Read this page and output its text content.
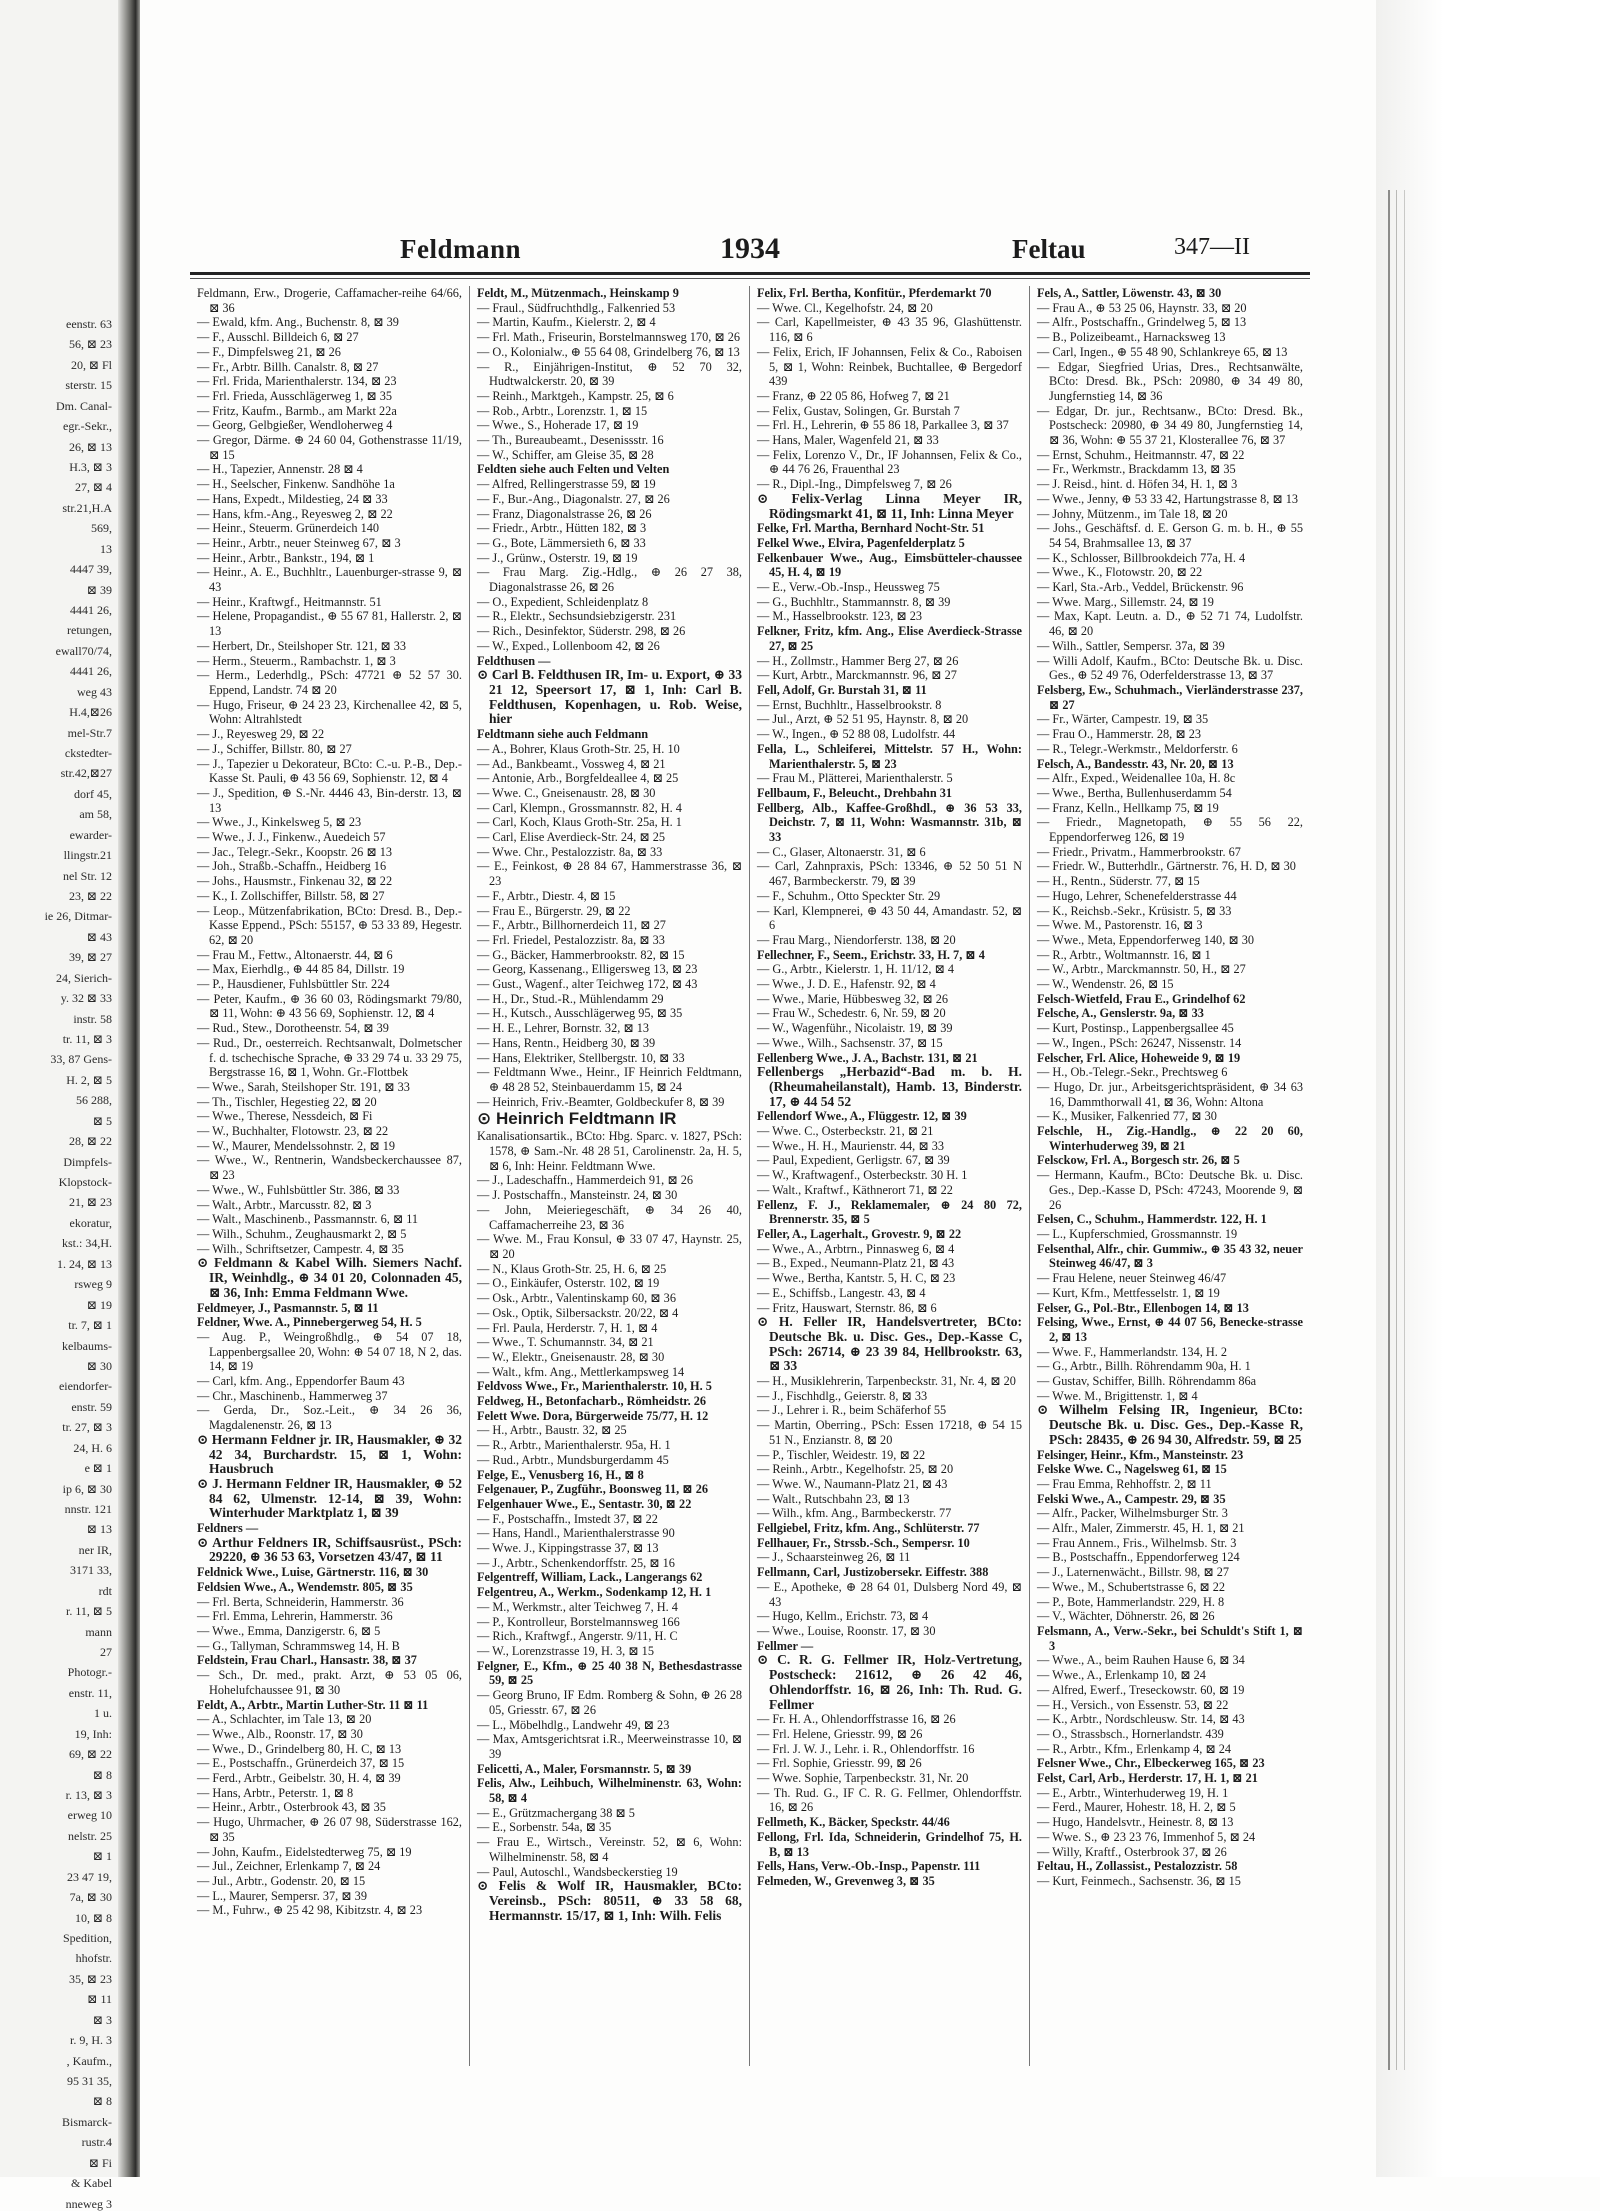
eenstr. 63
56, ⊠ 23
20, ⊠ Fl
sterstr. 15
Dm. Canal-
egr.-Sekr.,
26, ⊠ 13
H.3, ⊠ 3
27, ⊠ 4
str.21,H.A
569,
13
4447 39,
⊠ 39
4441 26,
retungen,
ewall70/74,
4441 26,
weg 43
H.4,⊠26
mel-Str.7
ckstedter-
str.42,⊠27
dorf 45,
am 58,
ewarder-
llingstr.21
nel Str. 12
23, ⊠ 22
ie 26, Ditmar-
⊠ 43
39, ⊠ 27
24, Sierich-
y. 32 ⊠ 33
instr. 58
tr. 11, ⊠ 3
33, 87 Gens-
H. 2, ⊠ 5
56 288,
⊠ 5
28, ⊠ 22
Dimpfels-
Klopstock-
21, ⊠ 23
ekoratur,
kst.: 34,H.
1. 24, ⊠ 13
rsweg 9
⊠ 19
tr. 7, ⊠ 1
kelbaums-
⊠ 30
eiendorfer-
enstr. 59
tr. 27, ⊠ 3
24, H. 6
e ⊠ 1
ip 6, ⊠ 30
nnstr. 121
⊠ 13
ner IR,
3171 33,
rdt
r. 11, ⊠ 5
mann
27
Photogr.-
enstr. 11,
1 u.
19, Inh:
69, ⊠ 22
⊠ 8
r. 13, ⊠ 3
erweg 10
nelstr. 25
⊠ 1
23 47 19,
7a, ⊠ 30
10, ⊠ 8
Spedition,
hhofstr.
35, ⊠ 23
⊠ 11
⊠ 3
r. 9, H. 3
, Kaufm.,
95 31 35,
⊠ 8
Bismarck-
rustr.4
⊠ Fi
& Kabel
nneweg 3
Feldmann	1934	Feltau	347—II

Feldmann, Erw., Drogerie, Caffamacher-reihe 64/66, ⊠ 36

— Ewald, kfm. Ang., Buchenstr. 8, ⊠ 39

— F., Ausschl. Billdeich 6, ⊠ 27

— F., Dimpfelsweg 21, ⊠ 26

— Fr., Arbtr. Billh. Canalstr. 8, ⊠ 27

— Frl. Frida, Marienthalerstr. 134, ⊠ 23

— Frl. Frieda, Ausschlägerweg 1, ⊠ 35

— Fritz, Kaufm., Barmb., am Markt 22a

— Georg, Gelbgießer, Wendloherweg 4

— Gregor, Därme. ⊕ 24 60 04, Gothenstrasse 11/19, ⊠ 15

— H., Tapezier, Annenstr. 28 ⊠ 4

— H., Seelscher, Finkenw. Sandhöhe 1a

— Hans, Expedt., Mildestieg, 24 ⊠ 33

— Hans, kfm.-Ang., Reyesweg 2, ⊠ 22

— Heinr., Steuerm. Grünerdeich 140

— Heinr., Arbtr., neuer Steinweg 67, ⊠ 3

— Heinr., Arbtr., Bankstr., 194, ⊠ 1

— Heinr., A. E., Buchhltr., Lauenburger-strasse 9, ⊠ 43

— Heinr., Kraftwgf., Heitmannstr. 51

— Helene, Propagandist., ⊕ 55 67 81, Hallerstr. 2, ⊠ 13

— Herbert, Dr., Steilshoper Str. 121, ⊠ 33

— Herm., Steuerm., Rambachstr. 1, ⊠ 3

— Herm., Lederhdlg., PSch: 47721 ⊕ 52 57 30. Eppend, Landstr. 74 ⊠ 20

— Hugo, Friseur, ⊕ 24 23 23, Kirchenallee 42, ⊠ 5, Wohn: Altrahlstedt

— J., Reyesweg 29, ⊠ 22

— J., Schiffer, Billstr. 80, ⊠ 27

— J., Tapezier u Dekorateur, BCto: C.-u. P.-B., Dep.-Kasse St. Pauli, ⊕ 43 56 69, Sophienstr. 12, ⊠ 4

— J., Spedition, ⊕ S.-Nr. 4446 43, Bin-derstr. 13, ⊠ 13

— Wwe., J., Kinkelsweg 5, ⊠ 23

— Wwe., J. J., Finkenw., Auedeich 57

— Jac., Telegr.-Sekr., Koopstr. 26 ⊠ 13

— Joh., Straßb.-Schaffn., Heidberg 16

— Johs., Hausmstr., Finkenau 32, ⊠ 22

— K., I. Zollschiffer, Billstr. 58, ⊠ 27

— Leop., Mützenfabrikation, BCto: Dresd. B., Dep.-Kasse Eppend., PSch: 55157, ⊕ 53 33 89, Hegestr. 62, ⊠ 20

— Frau M., Fettw., Altonaerstr. 44, ⊠ 6

— Max, Eierhdlg., ⊕ 44 85 84, Dillstr. 19

— P., Hausdiener, Fuhlsbüttler Str. 224

— Peter, Kaufm., ⊕ 36 60 03, Rödingsmarkt 79/80, ⊠ 11, Wohn: ⊕ 43 56 69, Sophienstr. 12, ⊠ 4

— Rud., Stew., Dorotheenstr. 54, ⊠ 39

— Rud., Dr., oesterreich. Rechtsanwalt, Dolmetscher f. d. tschechische Sprache, ⊕ 33 29 74 u. 33 29 75, Bergstrasse 16, ⊠ 1, Wohn. Gr.-Flottbek

— Wwe., Sarah, Steilshoper Str. 191, ⊠ 33

— Th., Tischler, Hegestieg 22, ⊠ 20

— Wwe., Therese, Nessdeich, ⊠ Fi

— W., Buchhalter, Flotowstr. 23, ⊠ 22

— W., Maurer, Mendelssohnstr. 2, ⊠ 19

— Wwe., W., Rentnerin, Wandsbeckerchaussee 87, ⊠ 23

— Wwe., W., Fuhlsbüttler Str. 386, ⊠ 33

— Walt., Arbtr., Marcusstr. 82, ⊠ 3

— Walt., Maschinenb., Passmannstr. 6, ⊠ 11

— Wilh., Schuhm., Zeughausmarkt 2, ⊠ 5

— Wilh., Schriftsetzer, Campestr. 4, ⊠ 35

⊙ Feldmann & Kabel Wilh. Siemers Nachf. IR, Weinhdlg., ⊕ 34 01 20, Colonnaden 45, ⊠ 36, Inh: Emma Feldmann Wwe.

Feldmeyer, J., Pasmannstr. 5, ⊠ 11

Feldner, Wwe. A., Pinnebergerweg 54, H. 5

— Aug. P., Weingroßhdlg., ⊕ 54 07 18, Lappenbergsallee 20, Wohn: ⊕ 54 07 18, N 2, das. 14, ⊠ 19

— Carl, kfm. Ang., Eppendorfer Baum 43

— Chr., Maschinenb., Hammerweg 37

— Gerda, Dr., Soz.-Leit., ⊕ 34 26 36, Magdalenenstr. 26, ⊠ 13

⊙ Hermann Feldner jr. IR, Hausmakler, ⊕ 32 42 34, Burchardstr. 15, ⊠ 1, Wohn: Hausbruch

⊙ J. Hermann Feldner IR, Hausmakler, ⊕ 52 84 62, Ulmenstr. 12-14, ⊠ 39, Wohn: Winterhuder Marktplatz 1, ⊠ 39

Feldners —

⊙ Arthur Feldners IR, Schiffsausrüst., PSch: 29220, ⊕ 36 53 63, Vorsetzen 43/47, ⊠ 11

Feldnick Wwe., Luise, Gärtnerstr. 116, ⊠ 30

Feldsien Wwe., A., Wendemstr. 805, ⊠ 35

— Frl. Berta, Schneiderin, Hammerstr. 36

— Frl. Emma, Lehrerin, Hammerstr. 36

— Wwe., Emma, Danzigerstr. 6, ⊠ 5

— G., Tallyman, Schrammsweg 14, H. B

Feldstein, Frau Charl., Hansastr. 38, ⊠ 37

— Sch., Dr. med., prakt. Arzt, ⊕ 53 05 06, Hohelufchaussee 91, ⊠ 30

Feldt, A., Arbtr., Martin Luther-Str. 11 ⊠ 11

— A., Schlachter, im Tale 13, ⊠ 20

— Wwe., Alb., Roonstr. 17, ⊠ 30

— Wwe., D., Grindelberg 80, H. C, ⊠ 13

— E., Postschaffn., Grünerdeich 37, ⊠ 15

— Ferd., Arbtr., Geibelstr. 30, H. 4, ⊠ 39

— Hans, Arbtr., Peterstr. 1, ⊠ 8

— Heinr., Arbtr., Osterbrook 43, ⊠ 35

— Hugo, Uhrmacher, ⊕ 26 07 98, Süderstrasse 162, ⊠ 35

— John, Kaufm., Eidelstedterweg 75, ⊠ 19

— Jul., Zeichner, Erlenkamp 7, ⊠ 24

— Jul., Arbtr., Godenstr. 20, ⊠ 15

— L., Maurer, Sempersr. 37, ⊠ 39

— M., Fuhrw., ⊕ 25 42 98, Kibitzstr. 4, ⊠ 23

Feldt, M., Mützenmach., Heinskamp 9

— Fraul., Südfruchthdlg., Falkenried 53

— Martin, Kaufm., Kielerstr. 2, ⊠ 4

— Frl. Math., Friseurin, Borstelmannsweg 170, ⊠ 26

— O., Kolonialw., ⊕ 55 64 08, Grindelberg 76, ⊠ 13

— R., Einjährigen-Institut, ⊕ 52 70 32, Hudtwalckerstr. 20, ⊠ 39

— Reinh., Marktgeh., Kampstr. 25, ⊠ 6

— Rob., Arbtr., Lorenzstr. 1, ⊠ 15

— Wwe., S., Hoherade 17, ⊠ 19

— Th., Bureaubeamt., Desenissstr. 16

— W., Schiffer, am Gleise 35, ⊠ 28

Feldten siehe auch Felten und Velten

— Alfred, Rellingerstrasse 59, ⊠ 19

— F., Bur.-Ang., Diagonalstr. 27, ⊠ 26

— Franz, Diagonalstrasse 26, ⊠ 26

— Friedr., Arbtr., Hütten 182, ⊠ 3

— G., Bote, Lämmersieth 6, ⊠ 33

— J., Grünw., Osterstr. 19, ⊠ 19

— Frau Marg. Zig.-Hdlg., ⊕ 26 27 38, Diagonalstrasse 26, ⊠ 26

— O., Expedient, Schleidenplatz 8

— R., Elektr., Sechsundsiebzigerstr. 231

— Rich., Desinfektor, Süderstr. 298, ⊠ 26

— W., Exped., Lollenboom 42, ⊠ 26

Feldthusen —

⊙ Carl B. Feldthusen IR, Im- u. Export, ⊕ 33 21 12, Speersort 17, ⊠ 1, Inh: Carl B. Feldthusen, Kopenhagen, u. Rob. Weise, hier

Feldtmann siehe auch Feldmann

— A., Bohrer, Klaus Groth-Str. 25, H. 10

— Ad., Bankbeamt., Vossweg 4, ⊠ 21

— Antonie, Arb., Borgfeldeallee 4, ⊠ 25

— Wwe. C., Gneisenaustr. 28, ⊠ 30

— Carl, Klempn., Grossmannstr. 82, H. 4

— Carl, Koch, Klaus Groth-Str. 25a, H. 1

— Carl, Elise Averdieck-Str. 24, ⊠ 25

— Wwe. Chr., Pestalozzistr. 8a, ⊠ 33

— E., Feinkost, ⊕ 28 84 67, Hammerstrasse 36, ⊠ 23

— F., Arbtr., Diestr. 4, ⊠ 15

— Frau E., Bürgerstr. 29, ⊠ 22

— F., Arbtr., Billhornerdeich 11, ⊠ 27

— Frl. Friedel, Pestalozzistr. 8a, ⊠ 33

— G., Bäcker, Hammerbrookstr. 82, ⊠ 15

— Georg, Kassenang., Elligersweg 13, ⊠ 23

— Gust., Wagenf., alter Teichweg 172, ⊠ 43

— H., Dr., Stud.-R., Mühlendamm 29

— H., Kutsch., Ausschlägerweg 95, ⊠ 35

— H. E., Lehrer, Bornstr. 32, ⊠ 13

— Hans, Rentn., Heidberg 30, ⊠ 39

— Hans, Elektriker, Stellbergstr. 10, ⊠ 33

— Feldtmann Wwe., Heinr., IF Heinrich Feldtmann, ⊕ 48 28 52, Steinbauerdamm 15, ⊠ 24

— Heinrich, Friv.-Beamter, Goldbeckufer 8, ⊠ 39

⊙ Heinrich Feldtmann IR

Kanalisationsartik., BCto: Hbg. Sparc. v. 1827, PSch: 1578, ⊕ Sam.-Nr. 48 28 51, Carolinenstr. 2a, H. 5, ⊠ 6, Inh: Heinr. Feldtmann Wwe.

— J., Ladeschaffn., Hammerdeich 91, ⊠ 26

— J. Postschaffn., Mansteinstr. 24, ⊠ 30

— John, Meieriegeschäft, ⊕ 34 26 40, Caffamacherreihe 23, ⊠ 36

— Wwe. M., Frau Konsul, ⊕ 33 07 47, Haynstr. 25, ⊠ 20

— N., Klaus Groth-Str. 25, H. 6, ⊠ 25

— O., Einkäufer, Osterstr. 102, ⊠ 19

— Osk., Arbtr., Valentinskamp 60, ⊠ 36

— Osk., Optik, Silbersackstr. 20/22, ⊠ 4

— Frl. Paula, Herderstr. 7, H. 1, ⊠ 4

— Wwe., T. Schumannstr. 34, ⊠ 21

— W., Elektr., Gneisenaustr. 28, ⊠ 30

— Walt., kfm. Ang., Mettlerkampsweg 14

Feldvoss Wwe., Fr., Marienthalerstr. 10, H. 5

Feldweg, H., Betonfacharb., Römheidstr. 26

Felett Wwe. Dora, Bürgerweide 75/77, H. 12

— H., Arbtr., Baustr. 32, ⊠ 25

— R., Arbtr., Marienthalerstr. 95a, H. 1

— Rud., Arbtr., Mundsburgerdamm 45

Felge, E., Venusberg 16, H., ⊠ 8

Felgenauer, P., Zugführ., Boonsweg 11, ⊠ 26

Felgenhauer Wwe., E., Sentastr. 30, ⊠ 22

— F., Postschaffn., Imstedt 37, ⊠ 22

— Hans, Handl., Marienthalerstrasse 90

— Wwe. J., Kippingstrasse 37, ⊠ 13

— J., Arbtr., Schenkendorffstr. 25, ⊠ 16

Felgentreff, William, Lack., Langerangs 62

Felgentreu, A., Werkm., Sodenkamp 12, H. 1

— M., Werkmstr., alter Teichweg 7, H. 4

— P., Kontrolleur, Borstelmannsweg 166

— Rich., Kraftwgf., Angerstr. 9/11, H. C

— W., Lorenzstrasse 19, H. 3, ⊠ 15

Felgner, E., Kfm., ⊕ 25 40 38 N, Bethesdastrasse 59, ⊠ 25

— Georg Bruno, IF Edm. Romberg & Sohn, ⊕ 26 28 05, Griesstr. 67, ⊠ 26

— L., Möbelhdlg., Landwehr 49, ⊠ 23

— Max, Amtsgerichtsrat i.R., Meerweinstrasse 10, ⊠ 39

Felicetti, A., Maler, Forsmannstr. 5, ⊠ 39

Felis, Alw., Leihbuch, Wilhelminenstr. 63, Wohn: 58, ⊠ 4

— E., Grützmachergang 38 ⊠ 5

— E., Sorbenstr. 54a, ⊠ 35

— Frau E., Wirtsch., Vereinstr. 52, ⊠ 6, Wohn: Wilhelminenstr. 58, ⊠ 4

— Paul, Autoschl., Wandsbeckerstieg 19

⊙ Felis & Wolf IR, Hausmakler, BCto: Vereinsb., PSch: 80511, ⊕ 33 58 68, Hermannstr. 15/17, ⊠ 1, Inh: Wilh. Felis

Felix, Frl. Bertha, Konfitür., Pferdemarkt 70

— Wwe. Cl., Kegelhofstr. 24, ⊠ 20

— Carl, Kapellmeister, ⊕ 43 35 96, Glashüttenstr. 116, ⊠ 6

— Felix, Erich, IF Johannsen, Felix & Co., Raboisen 5, ⊠ 1, Wohn: Reinbek, Buchtallee, ⊕ Bergedorf 439

— Franz, ⊕ 22 05 86, Hofweg 7, ⊠ 21

— Felix, Gustav, Solingen, Gr. Burstah 7

— Frl. H., Lehrerin, ⊕ 55 86 18, Parkallee 3, ⊠ 37

— Hans, Maler, Wagenfeld 21, ⊠ 33

— Felix, Lorenzo V., Dr., IF Johannsen, Felix & Co., ⊕ 44 76 26, Frauenthal 23

— R., Dipl.-Ing., Dimpfelsweg 7, ⊠ 26

⊙ Felix-Verlag Linna Meyer IR, Rödingsmarkt 41, ⊠ 11, Inh: Linna Meyer

Felke, Frl. Martha, Bernhard Nocht-Str. 51

Felkel Wwe., Elvira, Pagenfelderplatz 5

Felkenbauer Wwe., Aug., Eimsbütteler-chaussee 45, H. 4, ⊠ 19

— E., Verw.-Ob.-Insp., Heussweg 75

— G., Buchhltr., Stammannstr. 8, ⊠ 39

— M., Hasselbrookstr. 123, ⊠ 23

Felkner, Fritz, kfm. Ang., Elise Averdieck-Strasse 27, ⊠ 25

— H., Zollmstr., Hammer Berg 27, ⊠ 26

— Kurt, Arbtr., Marckmannstr. 96, ⊠ 27

Fell, Adolf, Gr. Burstah 31, ⊠ 11

— Ernst, Buchhltr., Hasselbrookstr. 8

— Jul., Arzt, ⊕ 52 51 95, Haynstr. 8, ⊠ 20

— W., Ingen., ⊕ 52 88 08, Ludolfstr. 44

Fella, L., Schleiferei, Mittelstr. 57 H., Wohn: Marienthalerstr. 5, ⊠ 23

— Frau M., Plätterei, Marienthalerstr. 5

Fellbaum, F., Beleucht., Drehbahn 31

Fellberg, Alb., Kaffee-Großhdl., ⊕ 36 53 33, Deichstr. 7, ⊠ 11, Wohn: Wasmannstr. 31b, ⊠ 33

— C., Glaser, Altonaerstr. 31, ⊠ 6

— Carl, Zahnpraxis, PSch: 13346, ⊕ 52 50 51 N 467, Barmbeckerstr. 79, ⊠ 39

— F., Schuhm., Otto Speckter Str. 29

— Karl, Klempnerei, ⊕ 43 50 44, Amandastr. 52, ⊠ 6

— Frau Marg., Niendorferstr. 138, ⊠ 20

Fellechner, F., Seem., Erichstr. 33, H. 7, ⊠ 4

— G., Arbtr., Kielerstr. 1, H. 11/12, ⊠ 4

— Wwe., J. D. E., Hafenstr. 92, ⊠ 4

— Wwe., Marie, Hübbesweg 32, ⊠ 26

— Frau W., Schedestr. 6, Nr. 59, ⊠ 20

— W., Wagenführ., Nicolaistr. 19, ⊠ 39

— Wwe., Wilh., Sachsenstr. 37, ⊠ 15

Fellenberg Wwe., J. A., Bachstr. 131, ⊠ 21

Fellenbergs „Herbazid“-Bad m. b. H. (Rheumaheilanstalt), Hamb. 13, Binderstr. 17, ⊕ 44 54 52

Fellendorf Wwe., A., Flüggestr. 12, ⊠ 39

— Wwe. C., Osterbeckstr. 21, ⊠ 21

— Wwe., H. H., Maurienstr. 44, ⊠ 33

— Paul, Expedient, Gerligstr. 67, ⊠ 39

— W., Kraftwagenf., Osterbeckstr. 30 H. 1

— Walt., Kraftwf., Käthnerort 71, ⊠ 22

Fellenz, F. J., Reklamemaler, ⊕ 24 80 72, Brennerstr. 35, ⊠ 5

Feller, A., Lagerhalt., Grovestr. 9, ⊠ 22

— Wwe., A., Arbtrn., Pinnasweg 6, ⊠ 4

— B., Exped., Neumann-Platz 21, ⊠ 43

— Wwe., Bertha, Kantstr. 5, H. C, ⊠ 23

— E., Schiffsb., Langestr. 43, ⊠ 4

— Fritz, Hauswart, Sternstr. 86, ⊠ 6

⊙ H. Feller IR, Handelsvertreter, BCto: Deutsche Bk. u. Disc. Ges., Dep.-Kasse C, PSch: 26714, ⊕ 23 39 84, Hellbrookstr. 63, ⊠ 33

— H., Musiklehrerin, Tarpenbeckstr. 31, Nr. 4, ⊠ 20

— J., Fischhdlg., Geierstr. 8, ⊠ 33

— J., Lehrer i. R., beim Schäferhof 55

— Martin, Oberring., PSch: Essen 17218, ⊕ 54 15 51 N., Enzianstr. 8, ⊠ 20

— P., Tischler, Weidestr. 19, ⊠ 22

— Reinh., Arbtr., Kegelhofstr. 25, ⊠ 20

— Wwe. W., Naumann-Platz 21, ⊠ 43

— Walt., Rutschbahn 23, ⊠ 13

— Wilh., kfm. Ang., Barmbeckerstr. 77

Fellgiebel, Fritz, kfm. Ang., Schlüterstr. 77

Fellhauer, Fr., Strssb.-Sch., Sempersr. 10

— J., Schaarsteinweg 26, ⊠ 11

Fellmann, Carl, Justizobersekr. Eiffestr. 388

— E., Apotheke, ⊕ 28 64 01, Dulsberg Nord 49, ⊠ 43

— Hugo, Kellm., Erichstr. 73, ⊠ 4

— Wwe., Louise, Roonstr. 17, ⊠ 30

Fellmer —

⊙ C. R. G. Fellmer IR, Holz-Vertretung, Postscheck: 21612, ⊕ 26 42 46, Ohlendorffstr. 16, ⊠ 26, Inh: Th. Rud. G. Fellmer

— Fr. H. A., Ohlendorffstrasse 16, ⊠ 26

— Frl. Helene, Griesstr. 99, ⊠ 26

— Frl. J. W. J., Lehr. i. R., Ohlendorffstr. 16

— Frl. Sophie, Griesstr. 99, ⊠ 26

— Wwe. Sophie, Tarpenbeckstr. 31, Nr. 20

— Th. Rud. G., IF C. R. G. Fellmer, Ohlendorffstr. 16, ⊠ 26

Fellmeth, K., Bäcker, Speckstr. 44/46

Fellong, Frl. Ida, Schneiderin, Grindelhof 75, H. B, ⊠ 13

Fells, Hans, Verw.-Ob.-Insp., Papenstr. 111

Felmeden, W., Grevenweg 3, ⊠ 35

Fels, A., Sattler, Löwenstr. 43, ⊠ 30

— Frau A., ⊕ 53 25 06, Haynstr. 33, ⊠ 20

— Alfr., Postschaffn., Grindelweg 5, ⊠ 13

— B., Polizeibeamt., Harnacksweg 13

— Carl, Ingen., ⊕ 55 48 90, Schlankreye 65, ⊠ 13

— Edgar, Siegfried Urias, Dres., Rechtsanwälte, BCto: Dresd. Bk., PSch: 20980, ⊕ 34 49 80, Jungfernstieg 14, ⊠ 36

— Edgar, Dr. jur., Rechtsanw., BCto: Dresd. Bk., Postscheck: 20980, ⊕ 34 49 80, Jungfernstieg 14, ⊠ 36, Wohn: ⊕ 55 37 21, Klosterallee 76, ⊠ 37

— Ernst, Schuhm., Heitmannstr. 47, ⊠ 22

— Fr., Werkmstr., Brackdamm 13, ⊠ 35

— J. Reisd., hint. d. Höfen 34, H. 1, ⊠ 3

— Wwe., Jenny, ⊕ 53 33 42, Hartungstrasse 8, ⊠ 13

— Johny, Mützenm., im Tale 18, ⊠ 20

— Johs., Geschäftsf. d. E. Gerson G. m. b. H., ⊕ 55 54 54, Brahmsallee 13, ⊠ 37

— K., Schlosser, Billbrookdeich 77a, H. 4

— Wwe., K., Flotowstr. 20, ⊠ 22

— Karl, Sta.-Arb., Veddel, Brückenstr. 96

— Wwe. Marg., Sillemstr. 24, ⊠ 19

— Max, Kapt. Leutn. a. D., ⊕ 52 71 74, Ludolfstr. 46, ⊠ 20

— Wilh., Sattler, Sempersr. 37a, ⊠ 39

— Willi Adolf, Kaufm., BCto: Deutsche Bk. u. Disc. Ges., ⊕ 52 49 76, Oderfelderstrasse 13, ⊠ 37

Felsberg, Ew., Schuhmach., Vierländerstrasse 237, ⊠ 27

— Fr., Wärter, Campestr. 19, ⊠ 35

— Frau O., Hammerstr. 28, ⊠ 23

— R., Telegr.-Werkmstr., Meldorferstr. 6

Felsch, A., Bandesstr. 43, Nr. 20, ⊠ 13

— Alfr., Exped., Weidenallee 10a, H. 8c

— Wwe., Bertha, Bullenhuserdamm 54

— Franz, Kelln., Hellkamp 75, ⊠ 19

— Friedr., Magnetopath, ⊕ 55 56 22, Eppendorferweg 126, ⊠ 19

— Friedr., Privatm., Hammerbrookstr. 67

— Friedr. W., Butterhdlr., Gärtnerstr. 76, H. D, ⊠ 30

— H., Rentn., Süderstr. 77, ⊠ 15

— Hugo, Lehrer, Schenefelderstrasse 44

— K., Reichsb.-Sekr., Krüsistr. 5, ⊠ 33

— Wwe. M., Pastorenstr. 16, ⊠ 3

— Wwe., Meta, Eppendorferweg 140, ⊠ 30

— R., Arbtr., Woltmannstr. 16, ⊠ 1

— W., Arbtr., Marckmannstr. 50, H., ⊠ 27

— W., Wendenstr. 26, ⊠ 15

Felsch-Wietfeld, Frau E., Grindelhof 62

Felsche, A., Genslerstr. 9a, ⊠ 33

— Kurt, Postinsp., Lappenbergsallee 45

— W., Ingen., PSch: 26247, Nissenstr. 14

Felscher, Frl. Alice, Hoheweide 9, ⊠ 19

— H., Ob.-Telegr.-Sekr., Prechtsweg 6

— Hugo, Dr. jur., Arbeitsgerichtspräsident, ⊕ 34 63 16, Dammthorwall 41, ⊠ 36, Wohn: Altona

— K., Musiker, Falkenried 77, ⊠ 30

Felschle, H., Zig.-Handlg., ⊕ 22 20 60, Winterhuderweg 39, ⊠ 21

Felsckow, Frl. A., Borgesch str. 26, ⊠ 5

— Hermann, Kaufm., BCto: Deutsche Bk. u. Disc. Ges., Dep.-Kasse D, PSch: 47243, Moorende 9, ⊠ 26

Felsen, C., Schuhm., Hammerdstr. 122, H. 1

— L., Kupferschmied, Grossmannstr. 19

Felsenthal, Alfr., chir. Gummiw., ⊕ 35 43 32, neuer Steinweg 46/47, ⊠ 3

— Frau Helene, neuer Steinweg 46/47

— Kurt, Kfm., Mettfesselstr. 1, ⊠ 19

Felser, G., Pol.-Btr., Ellenbogen 14, ⊠ 13

Felsing, Wwe., Ernst, ⊕ 44 07 56, Benecke-strasse 2, ⊠ 13

— Wwe. F., Hammerlandstr. 134, H. 2

— G., Arbtr., Billh. Röhrendamm 90a, H. 1

— Gustav, Schiffer, Billh. Röhrendamm 86a

— Wwe. M., Brigittenstr. 1, ⊠ 4

⊙ Wilhelm Felsing IR, Ingenieur, BCto: Deutsche Bk. u. Disc. Ges., Dep.-Kasse R, PSch: 28435, ⊕ 26 94 30, Alfredstr. 59, ⊠ 25

Felsinger, Heinr., Kfm., Mansteinstr. 23

Felske Wwe. C., Nagelsweg 61, ⊠ 15

— Frau Emma, Rehhoffstr. 2, ⊠ 11

Felski Wwe., A., Campestr. 29, ⊠ 35

— Alfr., Packer, Wilhelmsburger Str. 3

— Alfr., Maler, Zimmerstr. 45, H. 1, ⊠ 21

— Frau Annem., Fris., Wilhelmsb. Str. 3

— B., Postschaffn., Eppendorferweg 124

— J., Laternenwächt., Billstr. 98, ⊠ 27

— Wwe., M., Schubertstrasse 6, ⊠ 22

— P., Bote, Hammerlandstr. 229, H. 8

— V., Wächter, Döhnerstr. 26, ⊠ 26

Felsmann, A., Verw.-Sekr., bei Schuldt's Stift 1, ⊠ 3

— Wwe., A., beim Rauhen Hause 6, ⊠ 34

— Wwe., A., Erlenkamp 10, ⊠ 24

— Alfred, Ewerf., Treseckowstr. 60, ⊠ 19

— H., Versich., von Essenstr. 53, ⊠ 22

— K., Arbtr., Nordschleusw. Str. 14, ⊠ 43

— O., Strassbsch., Hornerlandstr. 439

— R., Arbtr., Kfm., Erlenkamp 4, ⊠ 24

Felsner Wwe., Chr., Elbeckerweg 165, ⊠ 23

Felst, Carl, Arb., Herderstr. 17, H. 1, ⊠ 21

— E., Arbtr., Winterhuderweg 19, H. 1

— Ferd., Maurer, Hohestr. 18, H. 2, ⊠ 5

— Hugo, Handelsvtr., Heinestr. 8, ⊠ 13

— Wwe. S., ⊕ 23 23 76, Immenhof 5, ⊠ 24

— Willy, Kraftf., Osterbrook 37, ⊠ 26

Feltau, H., Zollassist., Pestalozzistr. 58

— Kurt, Feinmech., Sachsenstr. 36, ⊠ 15
